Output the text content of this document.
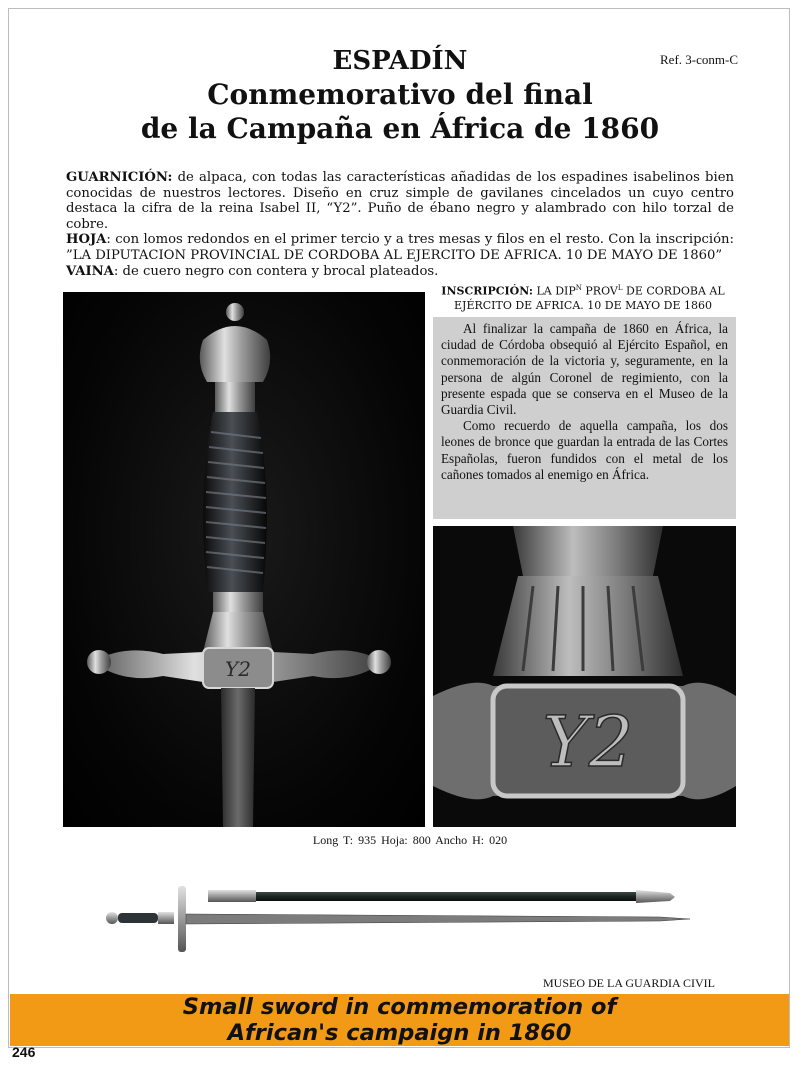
ESPADÍN
Conmemorativo del final
de la Campaña en África de 1860
Ref. 3-conm-C

GUARNICIÓN: de alpaca, con todas las características añadidas de los espadines isabelinos bien conocidas de nuestros lectores. Diseño en cruz simple de gavilanes cincelados un cuyo centro destaca la cifra de la reina Isabel II, “Y2”. Puño de ébano negro y alambrado con hilo torzal de cobre.

HOJA: con lomos redondos en el primer tercio y a tres mesas y filos en el resto. Con la inscripción: ”LA DIPUTACION PROVINCIAL DE CORDOBA AL EJERCITO DE AFRICA. 10 DE MAYO DE 1860”

VAINA: de cuero negro con contera y brocal plateados.

INSCRIPCIÓN: LA $DIP^N$ $PROV^L$ DE CORDOBA AL
EJÉRCITO DE AFRICA. 10 DE MAYO DE 1860
Y2

Al finalizar la campaña de 1860 en África, la ciudad de Córdoba obsequió al Ejército Español, en conmemoración de la victoria y, seguramente, en la persona de algún Coronel de regimiento, con la presente espada que se conserva en el Museo de la Guardia Civil.

Como recuerdo de aquella campaña, los dos leones de bronce que guardan la entrada de las Cortes Españolas, fueron fundidos con el metal de los cañones tomados al enemigo en África.

Y2
Long T: 935 Hoja: 800 Ancho H: 020
MUSEO DE LA GUARDIA CIVIL
Small sword in commemoration of
African's campaign in 1860
246
